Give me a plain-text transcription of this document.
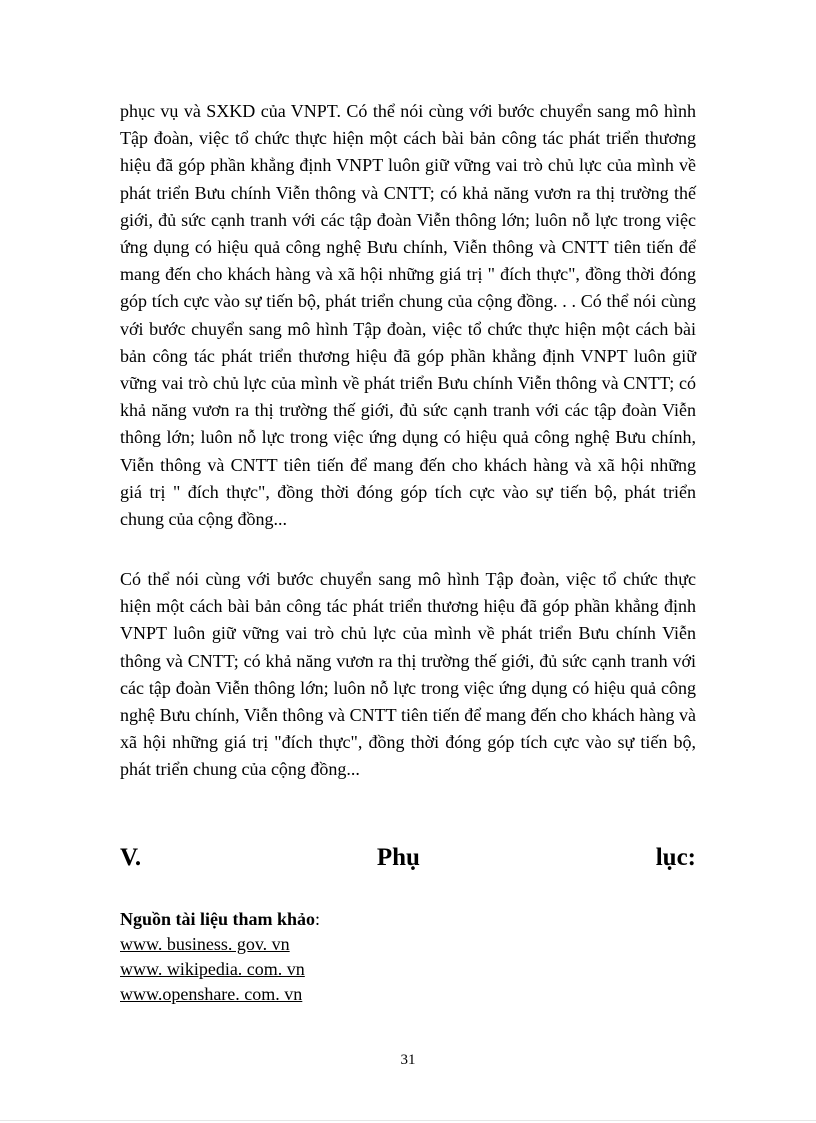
phục vụ và SXKD của VNPT. Có thể nói cùng với bước chuyển sang mô hình Tập đoàn, việc tổ chức thực hiện một cách bài bản công tác phát triển thương hiệu đã góp phần khẳng định VNPT luôn giữ vững vai trò chủ lực của mình về phát triển Bưu chính Viễn thông và CNTT; có khả năng vươn ra thị trường thế giới, đủ sức cạnh tranh với các tập đoàn Viễn thông lớn; luôn nỗ lực trong việc ứng dụng có hiệu quả công nghệ Bưu chính, Viễn thông và CNTT tiên tiến để mang đến cho khách hàng và xã hội những giá trị " đích thực", đồng thời đóng góp tích cực vào sự tiến bộ, phát triển chung của cộng đồng. . . Có thể nói cùng với bước chuyển sang mô hình Tập đoàn, việc tổ chức thực hiện một cách bài bản công tác phát triển thương hiệu đã góp phần khẳng định VNPT luôn giữ vững vai trò chủ lực của mình về phát triển Bưu chính Viễn thông và CNTT; có khả năng vươn ra thị trường thế giới, đủ sức cạnh tranh với các tập đoàn Viễn thông lớn; luôn nỗ lực trong việc ứng dụng có hiệu quả công nghệ Bưu chính, Viễn thông và CNTT tiên tiến để mang đến cho khách hàng và xã hội những giá trị " đích thực", đồng thời đóng góp tích cực vào sự tiến bộ, phát triển chung của cộng đồng...

Có thể nói cùng với bước chuyển sang mô hình Tập đoàn, việc tổ chức thực hiện một cách bài bản công tác phát triển thương hiệu đã góp phần khẳng định VNPT luôn giữ vững vai trò chủ lực của mình về phát triển Bưu chính Viễn thông và CNTT; có khả năng vươn ra thị trường thế giới, đủ sức cạnh tranh với các tập đoàn Viễn thông lớn; luôn nỗ lực trong việc ứng dụng có hiệu quả công nghệ Bưu chính, Viễn thông và CNTT tiên tiến để mang đến cho khách hàng và xã hội những giá trị "đích thực", đồng thời đóng góp tích cực vào sự tiến bộ, phát triển chung của cộng đồng...

V.	Phụ	lục:
Nguồn tài liệu tham khảo:
www. business. gov. vn
www. wikipedia. com. vn
www.openshare. com. vn
31
